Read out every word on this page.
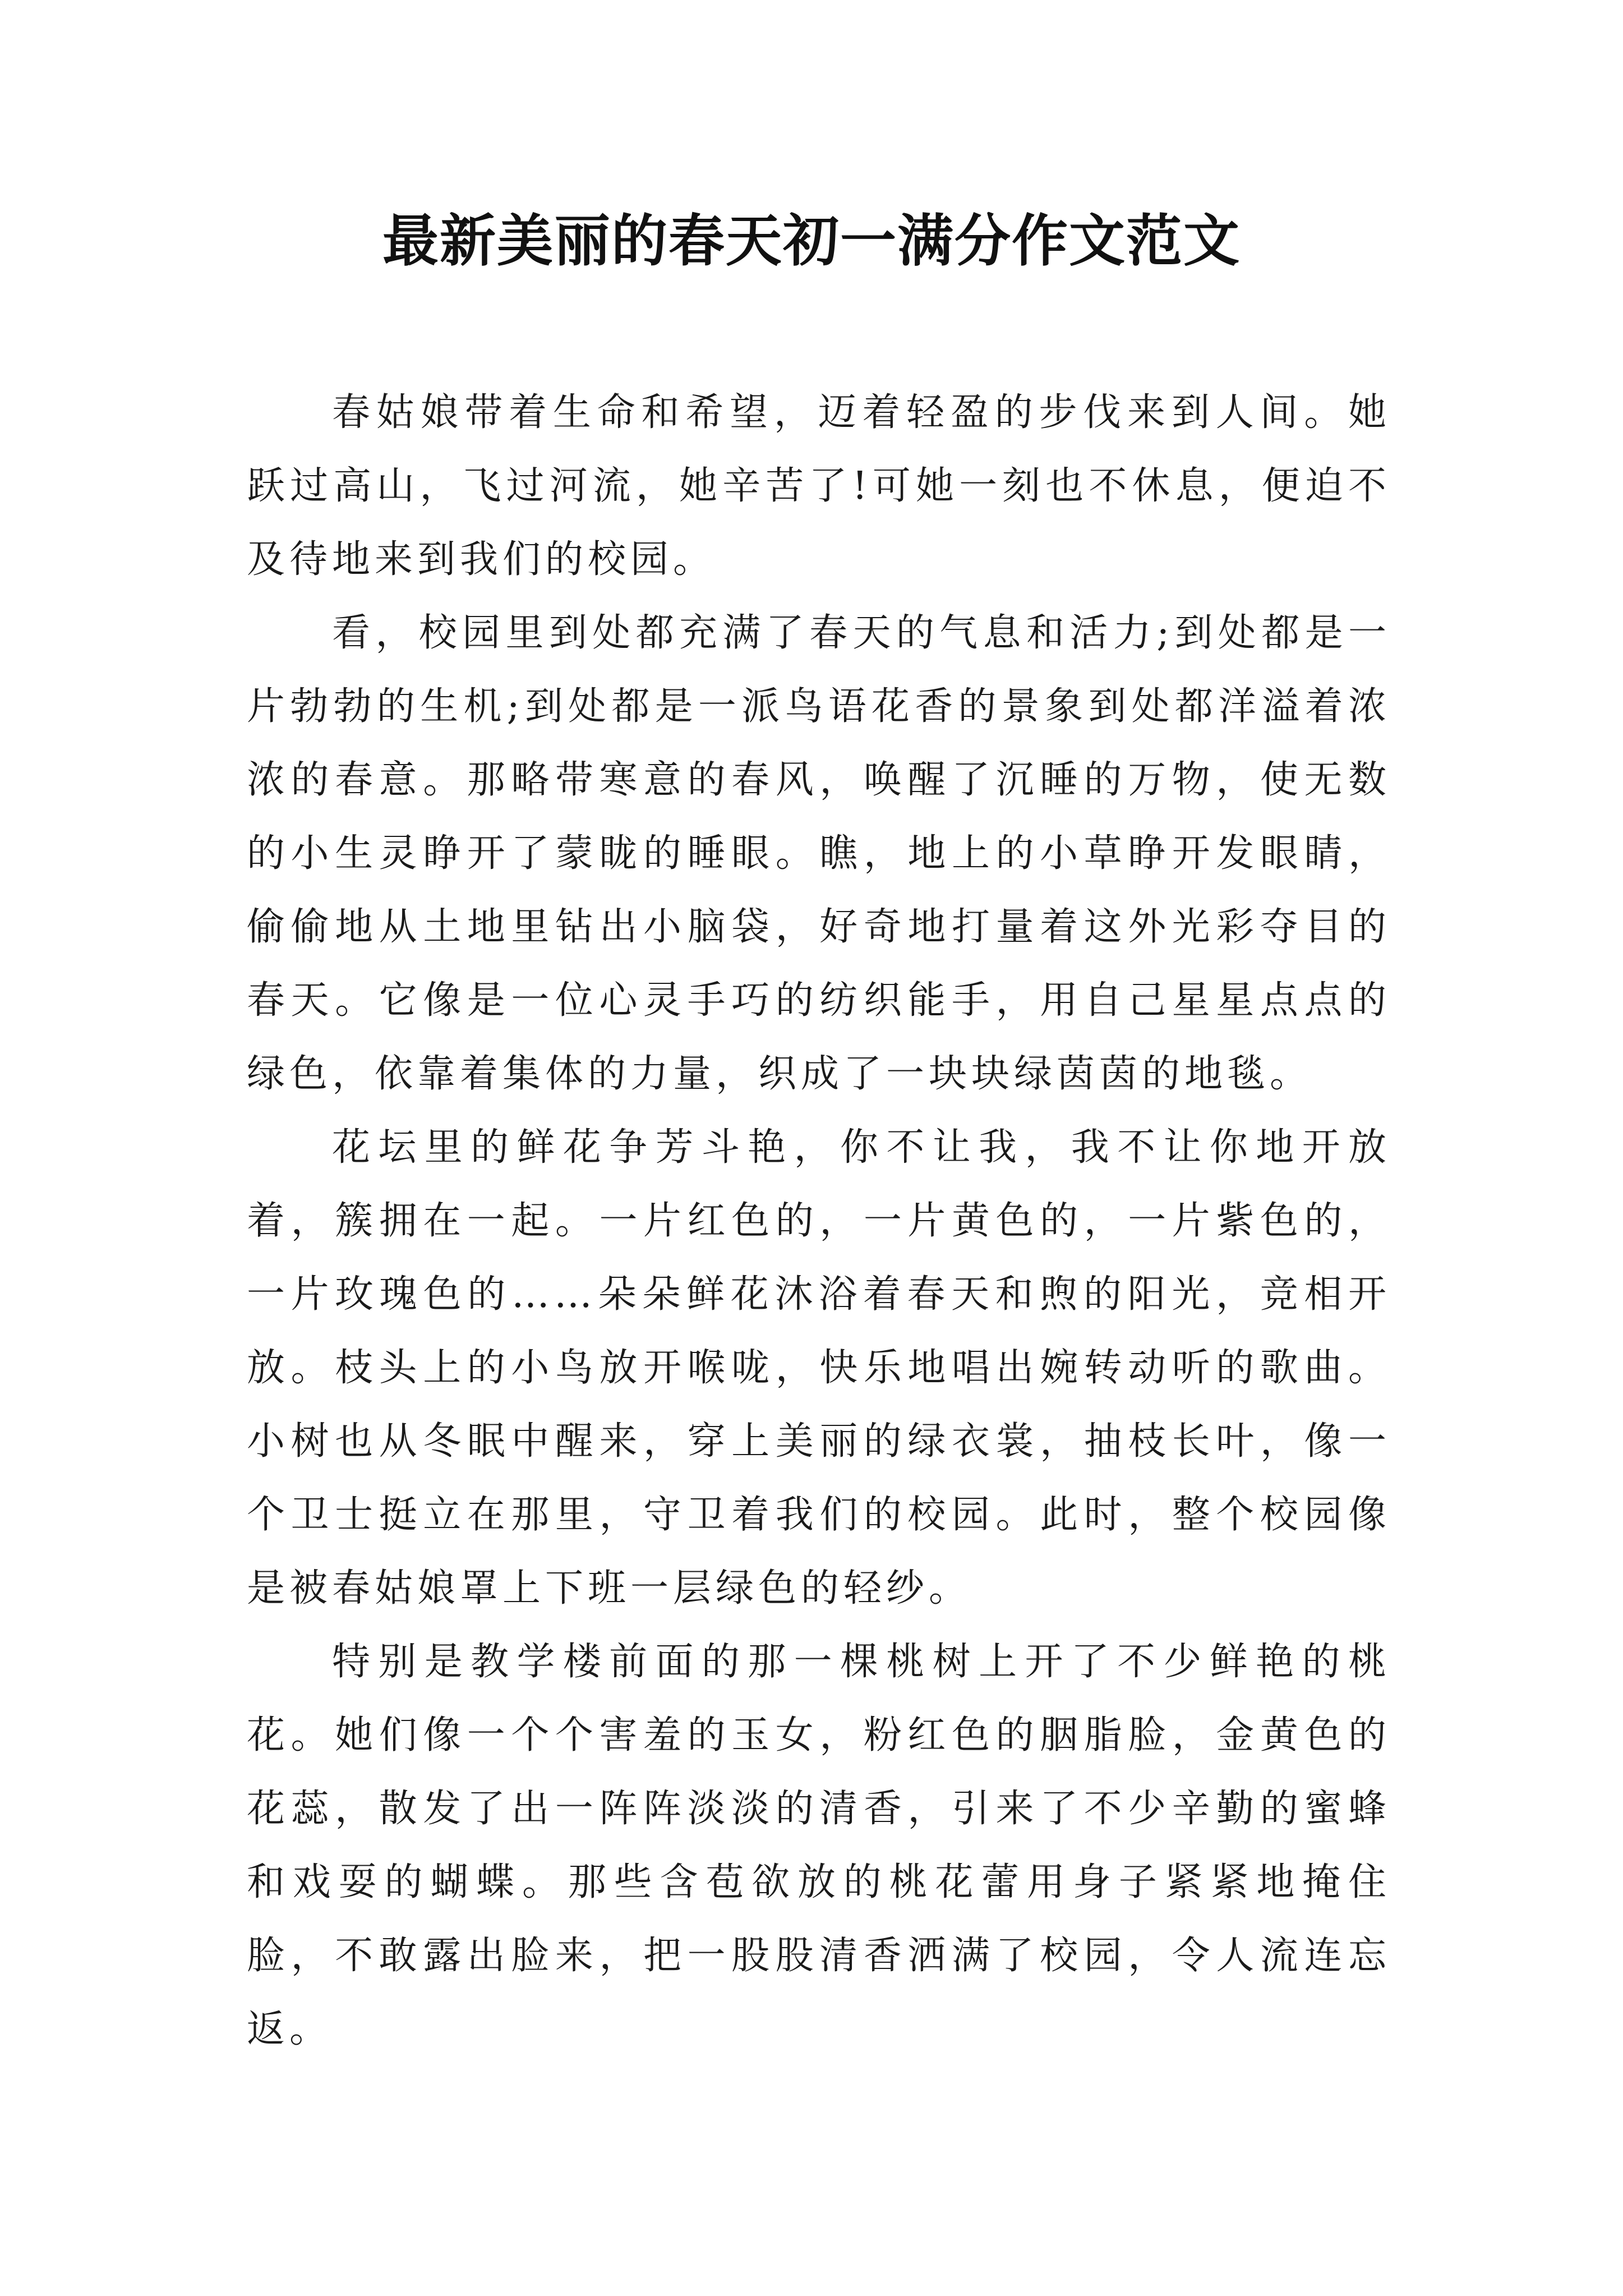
最新美丽的春天初一满分作文范文

春姑娘带着生命和希望，迈着轻盈的步伐来到人间。她跃过高山，飞过河流，她辛苦了!可她一刻也不休息，便迫不及待地来到我们的校园。

看，校园里到处都充满了春天的气息和活力;到处都是一片勃勃的生机;到处都是一派鸟语花香的景象到处都洋溢着浓浓的春意。那略带寒意的春风，唤醒了沉睡的万物，使无数的小生灵睁开了蒙眬的睡眼。瞧，地上的小草睁开发眼睛，偷偷地从土地里钻出小脑袋，好奇地打量着这外光彩夺目的春天。它像是一位心灵手巧的纺织能手，用自己星星点点的绿色，依靠着集体的力量，织成了一块块绿茵茵的地毯。

花坛里的鲜花争芳斗艳，你不让我，我不让你地开放着，簇拥在一起。一片红色的，一片黄色的，一片紫色的，一片玫瑰色的……朵朵鲜花沐浴着春天和煦的阳光，竞相开放。枝头上的小鸟放开喉咙，快乐地唱出婉转动听的歌曲。小树也从冬眠中醒来，穿上美丽的绿衣裳，抽枝长叶，像一个卫士挺立在那里，守卫着我们的校园。此时，整个校园像是被春姑娘罩上下班一层绿色的轻纱。

特别是教学楼前面的那一棵桃树上开了不少鲜艳的桃花。她们像一个个害羞的玉女，粉红色的胭脂脸，金黄色的花蕊，散发了出一阵阵淡淡的清香，引来了不少辛勤的蜜蜂和戏耍的蝴蝶。那些含苞欲放的桃花蕾用身子紧紧地掩住脸，不敢露出脸来，把一股股清香洒满了校园，令人流连忘返。
